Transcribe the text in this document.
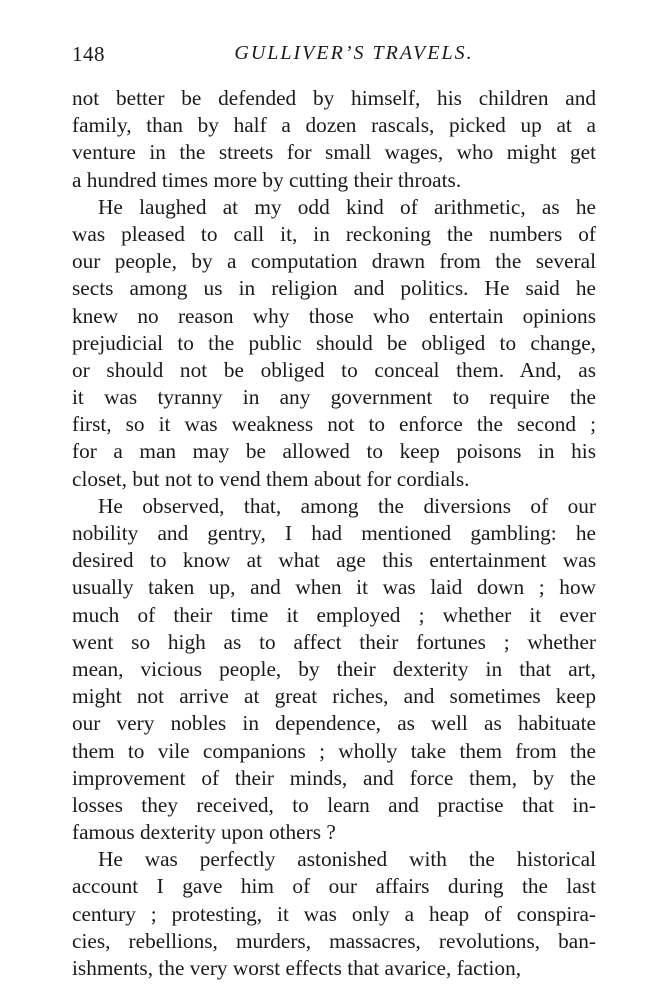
148	GULLIVER’S TRAVELS.
not better be defended by himself, his children and
family, than by half a dozen rascals, picked up at a
venture in the streets for small wages, who might get
a hundred times more by cutting their throats.
He laughed at my odd kind of arithmetic, as he
was pleased to call it, in reckoning the numbers of
our people, by a computation drawn from the several
sects among us in religion and politics. He said he
knew no reason why those who entertain opinions
prejudicial to the public should be obliged to change,
or should not be obliged to conceal them. And, as
it was tyranny in any government to require the
first, so it was weakness not to enforce the second ;
for a man may be allowed to keep poisons in his
closet, but not to vend them about for cordials.
He observed, that, among the diversions of our
nobility and gentry, I had mentioned gambling: he
desired to know at what age this entertainment was
usually taken up, and when it was laid down ; how
much of their time it employed ; whether it ever
went so high as to affect their fortunes ; whether
mean, vicious people, by their dexterity in that art,
might not arrive at great riches, and sometimes keep
our very nobles in dependence, as well as habituate
them to vile companions ; wholly take them from the
improvement of their minds, and force them, by the
losses they received, to learn and practise that in-
famous dexterity upon others ?
He was perfectly astonished with the historical
account I gave him of our affairs during the last
century ; protesting, it was only a heap of conspira-
cies, rebellions, murders, massacres, revolutions, ban-
ishments, the very worst effects that avarice, faction,
